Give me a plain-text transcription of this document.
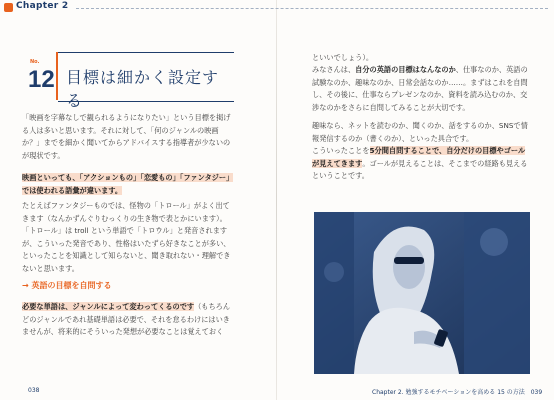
Chapter 2
No.
12 目標は細かく設定する
「映画を字幕なしで観られるようになりたい」という目標を掲げる人は多いと思います。それに対して、「何のジャンルの映画か？」までを細かく聞いてからアドバイスする指導者が少ないのが現状です。
映画といっても、「アクションもの」「恋愛もの」「ファンタジー」では使われる語彙が違います。
たとえばファンタジーものでは、怪物の「トロール」がよく出てきます（なんかずんぐりむっくりの生き物で表とかにいます）。「トロール」は troll という単語で「トロウル」と発音されますが、こういった発音であり、性格はいたずら好きなことが多い、といったことを知識として知らないと、聞き取れない・理解できないと思います。
→ 英語の目標を自問する
必要な単語は、ジャンルによって変わってくるのです（もちろんどのジャンルであれ基礎単語は必要で、それを怠るわけにはいきませんが、将来的にそういった発想が必要なことは覚えておく
といいでしょう）。
みなさんは、自分の英語の目標はなんなのか、仕事なのか、英語の試験なのか、趣味なのか、日常会話なのか……。まずはこれを自問し、その後に、仕事ならプレゼンなのか、資料を読み込むのか、交渉なのかをさらに自問してみることが大切です。
趣味なら、ネットを読むのか、聞くのか、話をするのか、SNSで情報発信するのか（書くのか）、といった具合です。
こういったことを5分間自問することで、自分だけの目標やゴールが見えてきます。ゴールが見えることは、そこまでの経路も見えるということです。
038	Chapter 2. 勉強するモチベーションを高める 15 の方法　039
